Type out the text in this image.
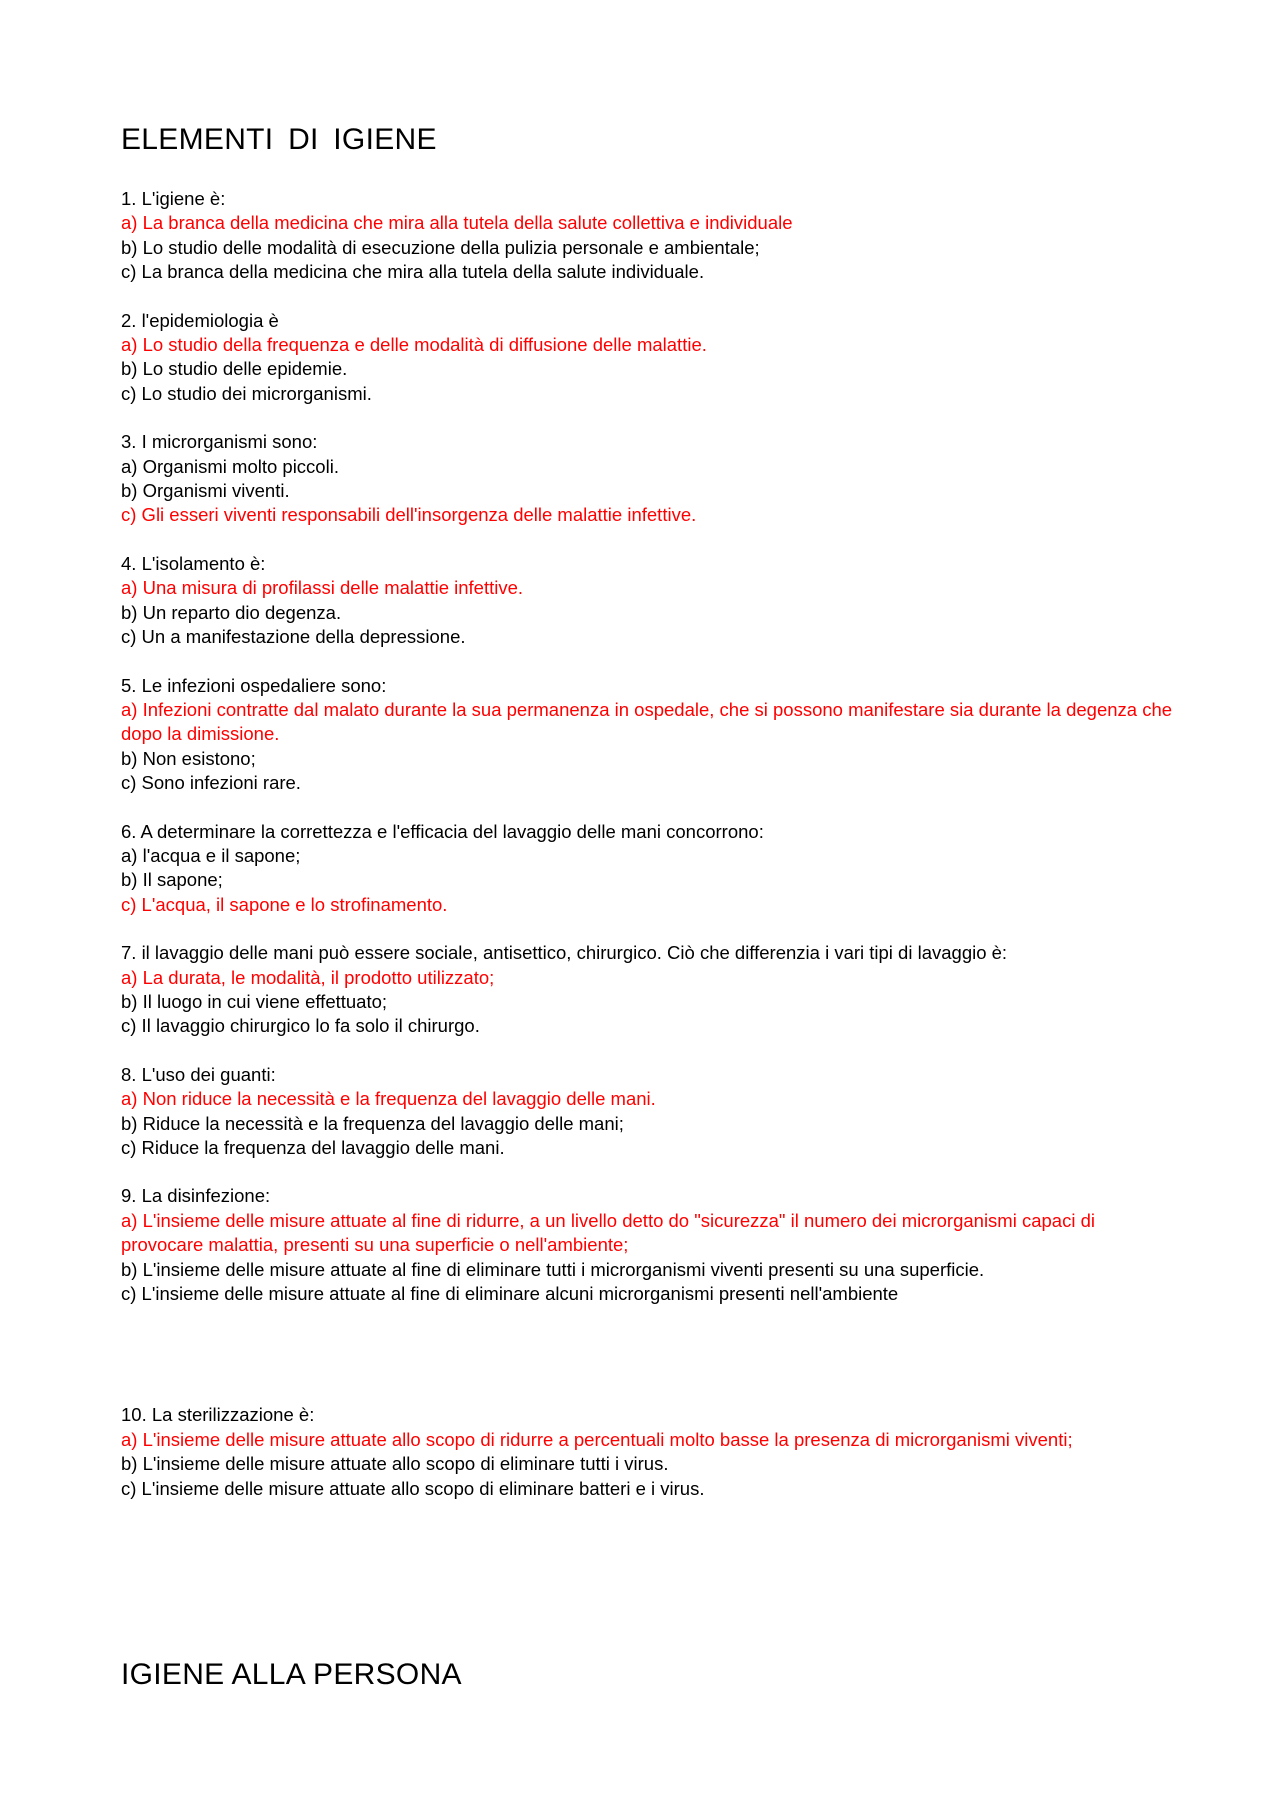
ELEMENTI DI IGIENE
1. L'igiene è:
a) La branca della medicina che mira alla tutela della salute collettiva e individuale
b) Lo studio delle modalità di esecuzione della pulizia personale e ambientale;
c) La branca della medicina che mira alla tutela della salute individuale.
2. l'epidemiologia è
a) Lo studio della frequenza e delle modalità di diffusione delle malattie.
b) Lo studio delle epidemie.
c) Lo studio dei microrganismi.
3. I microrganismi sono:
a) Organismi molto piccoli.
b) Organismi viventi.
c) Gli esseri viventi responsabili dell'insorgenza delle malattie infettive.
4. L'isolamento è:
a) Una misura di profilassi delle malattie infettive.
b) Un reparto dio degenza.
c) Un a manifestazione della depressione.
5. Le infezioni ospedaliere sono:
a) Infezioni contratte dal malato durante la sua permanenza in ospedale, che si possono manifestare sia durante la degenza che dopo la dimissione.
b) Non esistono;
c) Sono infezioni rare.
6. A determinare la correttezza e l'efficacia del lavaggio delle mani concorrono:
a) l'acqua e il sapone;
b) Il sapone;
c) L'acqua, il sapone e lo strofinamento.
7. il lavaggio delle mani può essere sociale, antisettico, chirurgico. Ciò che differenzia i vari tipi di lavaggio è:
a) La durata, le modalità, il prodotto utilizzato;
b) Il luogo in cui viene effettuato;
c) Il lavaggio chirurgico lo fa solo il chirurgo.
8. L'uso dei guanti:
a) Non riduce la necessità e la frequenza del lavaggio delle mani.
b) Riduce la necessità e la frequenza del lavaggio delle mani;
c) Riduce la frequenza del lavaggio delle mani.
9. La disinfezione:
a) L'insieme delle misure attuate al fine di ridurre, a un livello detto do "sicurezza" il numero dei microrganismi capaci di provocare malattia, presenti su una superficie o nell'ambiente;
b) L'insieme delle misure attuate al fine di eliminare tutti i microrganismi viventi presenti su una superficie.
c) L'insieme delle misure attuate al fine di eliminare alcuni microrganismi presenti nell'ambiente
10. La sterilizzazione è:
a) L'insieme delle misure attuate allo scopo di ridurre a percentuali molto basse la presenza di microrganismi viventi;
b) L'insieme delle misure attuate allo scopo di eliminare tutti i virus.
c) L'insieme delle misure attuate allo scopo di eliminare batteri e i virus.
IGIENE ALLA PERSONA
